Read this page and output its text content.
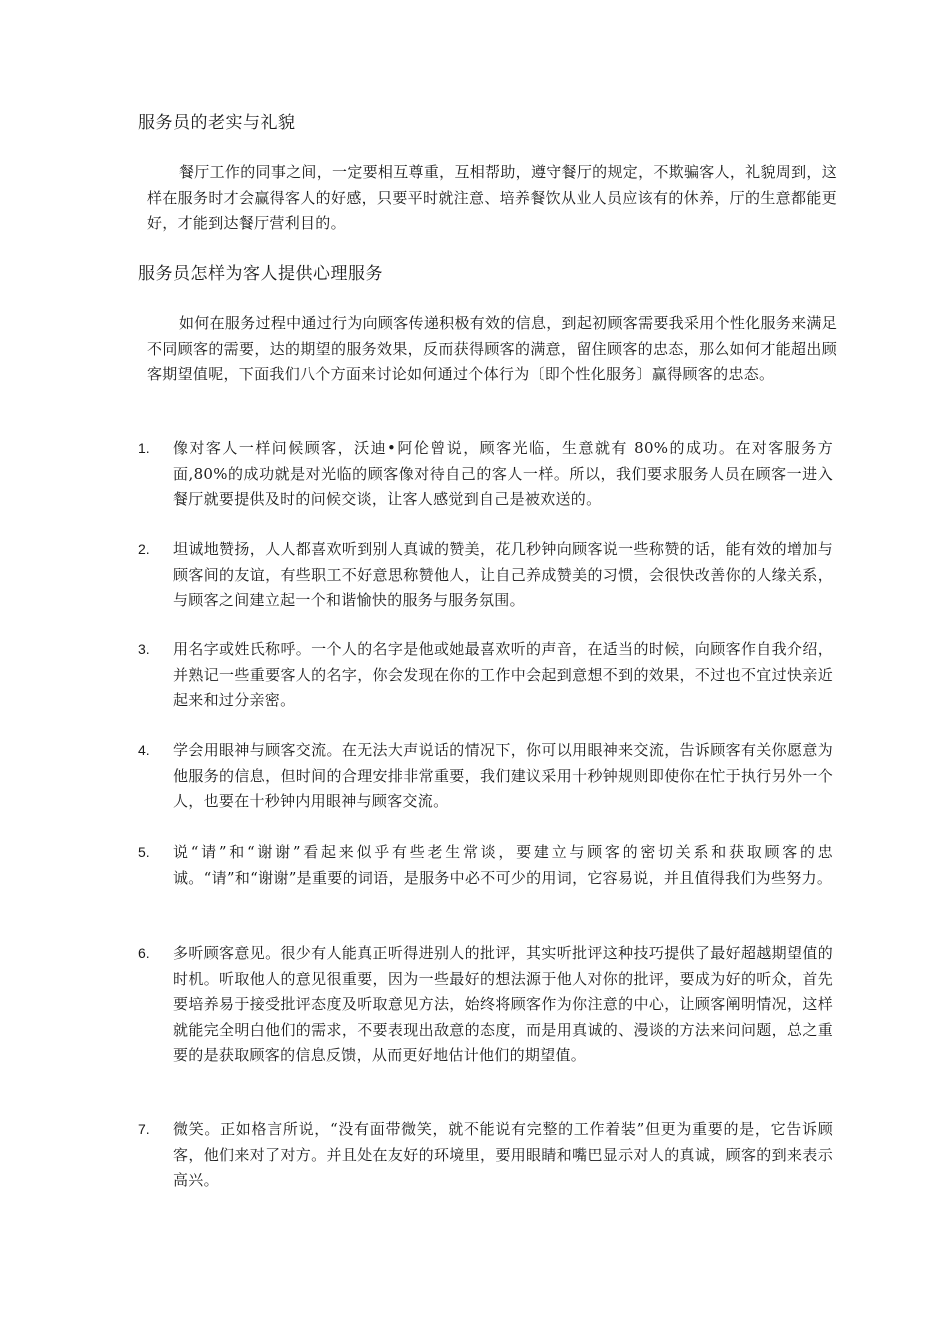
服务员的老实与礼貌
餐厅工作的同事之间，一定要相互尊重，互相帮助，遵守餐厅的规定，不欺骗客人，礼貌周到，这样在服务时才会赢得客人的好感，只要平时就注意、培养餐饮从业人员应该有的休养，厅的生意都能更好，才能到达餐厅营利目的。
服务员怎样为客人提供心理服务
如何在服务过程中通过行为向顾客传递积极有效的信息，到起初顾客需要我采用个性化服务来满足不同顾客的需要，达的期望的服务效果，反而获得顾客的满意，留住顾客的忠态，那么如何才能超出顾客期望值呢，下面我们八个方面来讨论如何通过个体行为〔即个性化服务〕赢得顾客的忠态。
1.	像对客人一样问候顾客，沃迪•阿伦曾说，顾客光临，生意就有 80%的成功。在对客服务方面,80%的成功就是对光临的顾客像对待自己的客人一样。所以，我们要求服务人员在顾客一进入餐厅就要提供及时的问候交谈，让客人感觉到自己是被欢送的。
2.	坦诚地赞扬，人人都喜欢听到别人真诚的赞美，花几秒钟向顾客说一些称赞的话，能有效的增加与顾客间的友谊，有些职工不好意思称赞他人，让自己养成赞美的习惯，会很快改善你的人缘关系，与顾客之间建立起一个和谐愉快的服务与服务氛围。
3.	用名字或姓氏称呼。一个人的名字是他或她最喜欢听的声音，在适当的时候，向顾客作自我介绍，并熟记一些重要客人的名字，你会发现在你的工作中会起到意想不到的效果，不过也不宜过快亲近起来和过分亲密。
4.	学会用眼神与顾客交流。在无法大声说话的情况下，你可以用眼神来交流，告诉顾客有关你愿意为他服务的信息，但时间的合理安排非常重要，我们建议采用十秒钟规则即使你在忙于执行另外一个人，也要在十秒钟内用眼神与顾客交流。
5.	说“请”和“谢谢”看起来似乎有些老生常谈，要建立与顾客的密切关系和获取顾客的忠诚。“请”和“谢谢”是重要的词语，是服务中必不可少的用词，它容易说，并且值得我们为些努力。
6.	多听顾客意见。很少有人能真正听得进别人的批评，其实听批评这种技巧提供了最好超越期望值的时机。听取他人的意见很重要，因为一些最好的想法源于他人对你的批评，要成为好的听众，首先要培养易于接受批评态度及听取意见方法，始终将顾客作为你注意的中心，让顾客阐明情况，这样就能完全明白他们的需求，不要表现出敌意的态度，而是用真诚的、漫谈的方法来问问题，总之重要的是获取顾客的信息反馈，从而更好地估计他们的期望值。
7.	微笑。正如格言所说，“没有面带微笑，就不能说有完整的工作着装”但更为重要的是，它告诉顾客，他们来对了对方。并且处在友好的环境里，要用眼睛和嘴巴显示对人的真诚，顾客的到来表示高兴。
